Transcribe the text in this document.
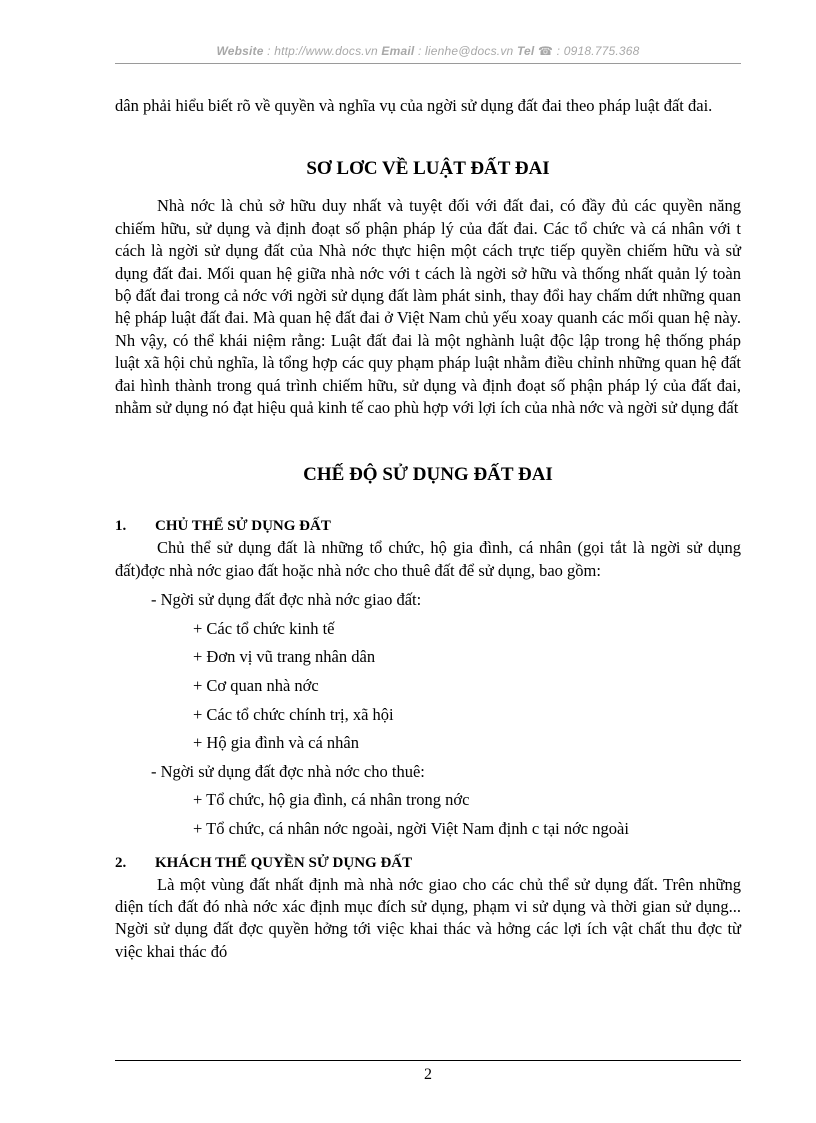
Website : http://www.docs.vn Email : lienhe@docs.vn Tel ☎ : 0918.775.368

dân phải hiểu biết rõ về quyền và nghĩa vụ của ngời sử dụng đất đai theo pháp luật đất đai.

SƠ LƠC VỀ LUẬT ĐẤT ĐAI

Nhà nớc là chủ sở hữu duy nhất và tuyệt đối với đất đai, có đầy đủ các quyền năng chiếm hữu, sử dụng và định đoạt số phận pháp lý của đất đai. Các tổ chức và cá nhân với t cách là ngời sử dụng đất của Nhà nớc thực hiện một cách trực tiếp quyền chiếm hữu và sử dụng đất đai. Mối quan hệ giữa nhà nớc với t cách là ngời sở hữu và thống nhất quản lý toàn bộ đất đai trong cả nớc với ngời sử dụng đất làm phát sinh, thay đổi hay chấm dứt những quan hệ pháp luật đất đai. Mà quan hệ đất đai ở Việt Nam chủ yếu xoay quanh các mối quan hệ này. Nh vậy, có thể khái niệm rằng: Luật đất đai là một nghành luật độc lập trong hệ thống pháp luật xã hội chủ nghĩa, là tổng hợp các quy phạm pháp luật nhằm điều chỉnh những quan hệ đất đai hình thành trong quá trình chiếm hữu, sử dụng và định đoạt số phận pháp lý của đất đai, nhằm sử dụng nó đạt hiệu quả kinh tế cao phù hợp với lợi ích của nhà nớc và ngời sử dụng đất

CHẾ ĐỘ SỬ DỤNG ĐẤT ĐAI
1. CHỦ THỂ SỬ DỤNG ĐẤT

Chủ thể sử dụng đất là những tổ chức, hộ gia đình, cá nhân (gọi tắt là ngời sử dụng đất)đợc nhà nớc giao đất hoặc nhà nớc cho thuê đất để sử dụng, bao gồm:

- Ngời sử dụng đất đợc nhà nớc giao đất:
+ Các tổ chức kinh tế
+ Đơn vị vũ trang nhân dân
+ Cơ quan nhà nớc
+ Các tổ chức chính trị, xã hội
+ Hộ gia đình và cá nhân
- Ngời sử dụng đất đợc nhà nớc cho thuê:
+ Tổ chức, hộ gia đình, cá nhân trong nớc
+ Tổ chức, cá nhân nớc ngoài, ngời Việt Nam định c tại nớc ngoài
2. KHÁCH THỂ QUYỀN SỬ DỤNG ĐẤT

Là một vùng đất nhất định mà nhà nớc giao cho các chủ thể sử dụng đất. Trên những diện tích đất đó nhà nớc xác định mục đích sử dụng, phạm vi sử dụng và thời gian sử dụng... Ngời sử dụng đất đợc quyền hởng tới việc khai thác và hởng các lợi ích vật chất thu đợc từ việc khai thác đó

2
